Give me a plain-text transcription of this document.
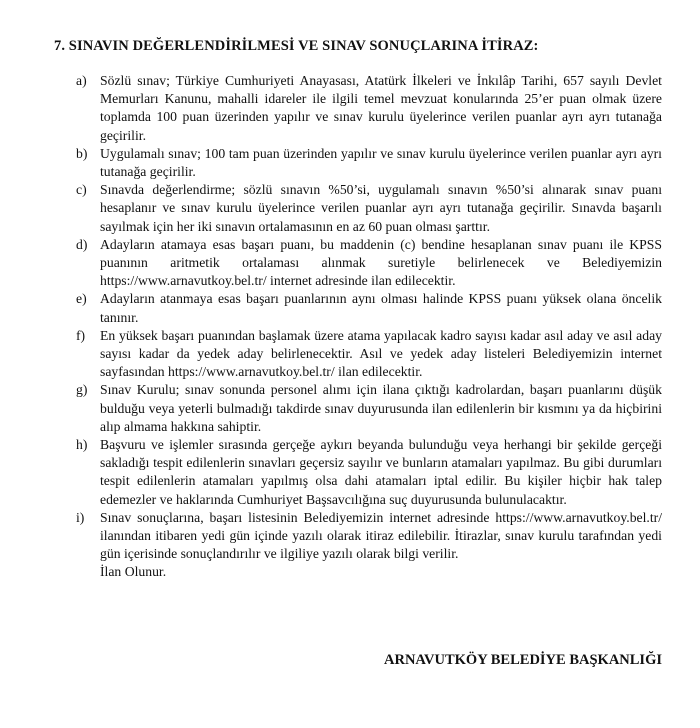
7. SINAVIN DEĞERLENDİRİLMESİ VE SINAV SONUÇLARINA İTİRAZ:
a) Sözlü sınav; Türkiye Cumhuriyeti Anayasası, Atatürk İlkeleri ve İnkılâp Tarihi, 657 sayılı Devlet Memurları Kanunu, mahalli idareler ile ilgili temel mevzuat konularında 25’er puan olmak üzere toplamda 100 puan üzerinden yapılır ve sınav kurulu üyelerince verilen puanlar ayrı ayrı tutanağa geçirilir.
b) Uygulamalı sınav; 100 tam puan üzerinden yapılır ve sınav kurulu üyelerince verilen puanlar ayrı ayrı tutanağa geçirilir.
c) Sınavda değerlendirme; sözlü sınavın %50’si, uygulamalı sınavın %50’si alınarak sınav puanı hesaplanır ve sınav kurulu üyelerince verilen puanlar ayrı ayrı tutanağa geçirilir. Sınavda başarılı sayılmak için her iki sınavın ortalamasının en az 60 puan olması şarttır.
d) Adayların atamaya esas başarı puanı, bu maddenin (c) bendine hesaplanan sınav puanı ile KPSS puanının aritmetik ortalaması alınmak suretiyle belirlenecek ve Belediyemizin https://www.arnavutkoy.bel.tr/ internet adresinde ilan edilecektir.
e) Adayların atanmaya esas başarı puanlarının aynı olması halinde KPSS puanı yüksek olana öncelik tanınır.
f) En yüksek başarı puanından başlamak üzere atama yapılacak kadro sayısı kadar asıl aday ve asıl aday sayısı kadar da yedek aday belirlenecektir. Asıl ve yedek aday listeleri Belediyemizin internet sayfasından https://www.arnavutkoy.bel.tr/ ilan edilecektir.
g) Sınav Kurulu; sınav sonunda personel alımı için ilana çıktığı kadrolardan, başarı puanlarını düşük bulduğu veya yeterli bulmadığı takdirde sınav duyurusunda ilan edilenlerin bir kısmını ya da hiçbirini alıp almama hakkına sahiptir.
h) Başvuru ve işlemler sırasında gerçeğe aykırı beyanda bulunduğu veya herhangi bir şekilde gerçeği sakladığı tespit edilenlerin sınavları geçersiz sayılır ve bunların atamaları yapılmaz. Bu gibi durumları tespit edilenlerin atamaları yapılmış olsa dahi atamaları iptal edilir. Bu kişiler hiçbir hak talep edemezler ve haklarında Cumhuriyet Başsavcılığına suç duyurusunda bulunulacaktır.
i) Sınav sonuçlarına, başarı listesinin Belediyemizin internet adresinde https://www.arnavutkoy.bel.tr/ ilanından itibaren yedi gün içinde yazılı olarak itiraz edilebilir. İtirazlar, sınav kurulu tarafından yedi gün içerisinde sonuçlandırılır ve ilgiliye yazılı olarak bilgi verilir.
İlan Olunur.
ARNAVUTKÖY BELEDİYE BAŞKANLIĞI
